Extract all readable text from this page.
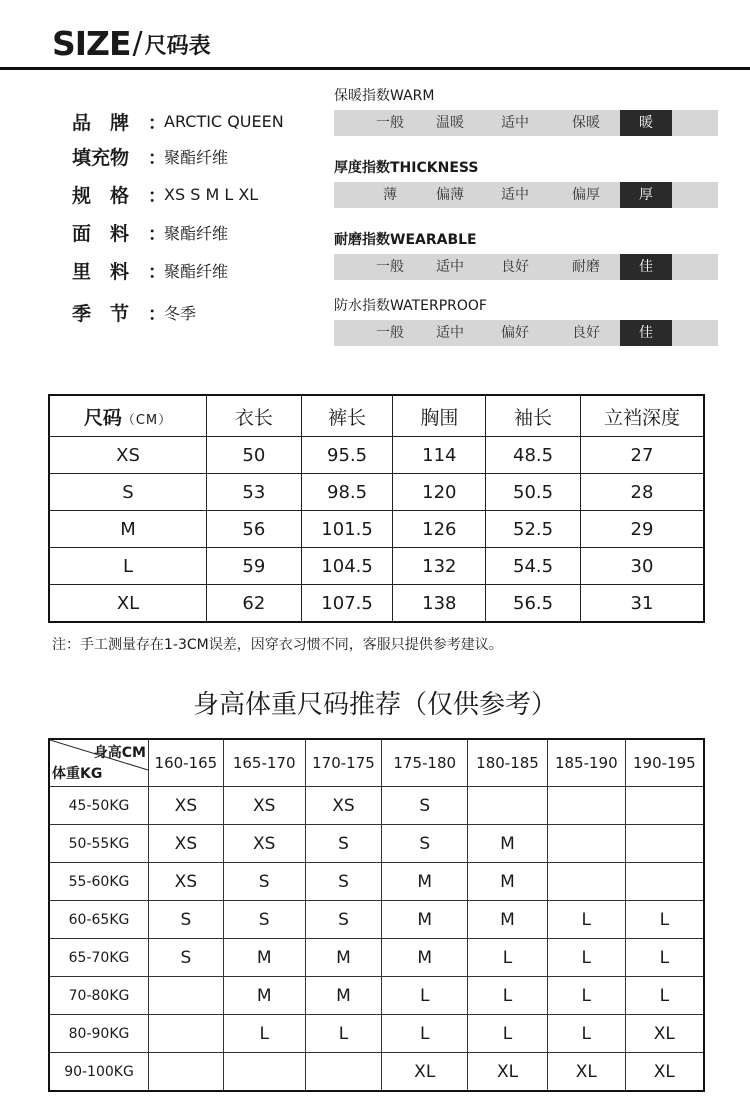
SIZE / 尺码表
品　牌	：
ARCTIC QUEEN
填充物	：
聚酯纤维
规　格	：
XS S M L XL
面　料	：
聚酯纤维
里　料	：
聚酯纤维
季　节	：
冬季
保暖指数WARM
一般	温暖	适中	保暖	暖
厚度指数THICKNESS
薄	偏薄	适中	偏厚	厚
耐磨指数WEARABLE
一般	适中	良好	耐磨	佳
防水指数WATERPROOF
一般	适中	偏好	良好	佳
尺码（CM）	衣长	裤长	胸围	袖长	立裆深度
XS	50	95.5	114	48.5	27
S	53	98.5	120	50.5	28
M	56	101.5	126	52.5	29
L	59	104.5	132	54.5	30
XL	62	107.5	138	56.5	31
注：手工测量存在1-3CM误差，因穿衣习惯不同，客服只提供参考建议。
身高体重尺码推荐（仅供参考）
身高CM
体重KG	160-165	165-170	170-175	175-180	180-185	185-190	190-195
45-50KG	XS	XS	XS	S			
50-55KG	XS	XS	S	S	M		
55-60KG	XS	S	S	M	M		
60-65KG	S	S	S	M	M	L	L
65-70KG	S	M	M	M	L	L	L
70-80KG		M	M	L	L	L	L
80-90KG		L	L	L	L	L	XL
90-100KG				XL	XL	XL	XL
